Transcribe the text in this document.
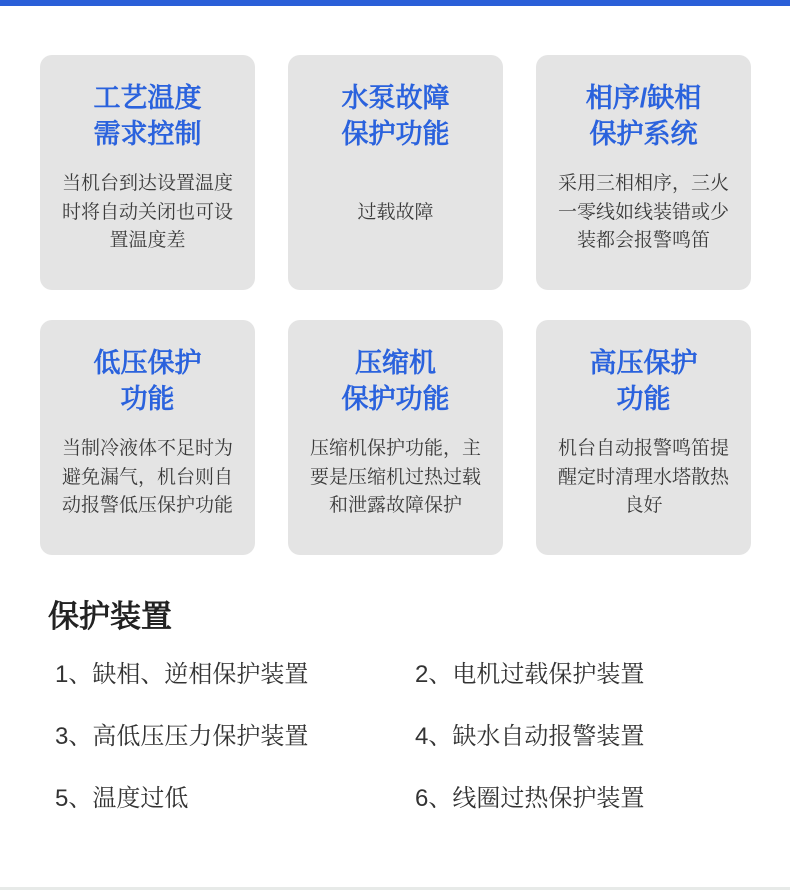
工艺温度
需求控制
当机台到达设置温度时将自动关闭也可设置温度差
水泵故障
保护功能
过载故障
相序/缺相
保护系统
采用三相相序，三火一零线如线装错或少装都会报警鸣笛
低压保护
功能
当制冷液体不足时为避免漏气，机台则自动报警低压保护功能
压缩机
保护功能
压缩机保护功能，主要是压缩机过热过载和泄露故障保护
高压保护
功能
机台自动报警鸣笛提醒定时清理水塔散热良好
保护装置
1、缺相、逆相保护装置	2、电机过载保护装置
3、高低压压力保护装置	4、缺水自动报警装置
5、温度过低	6、线圈过热保护装置
